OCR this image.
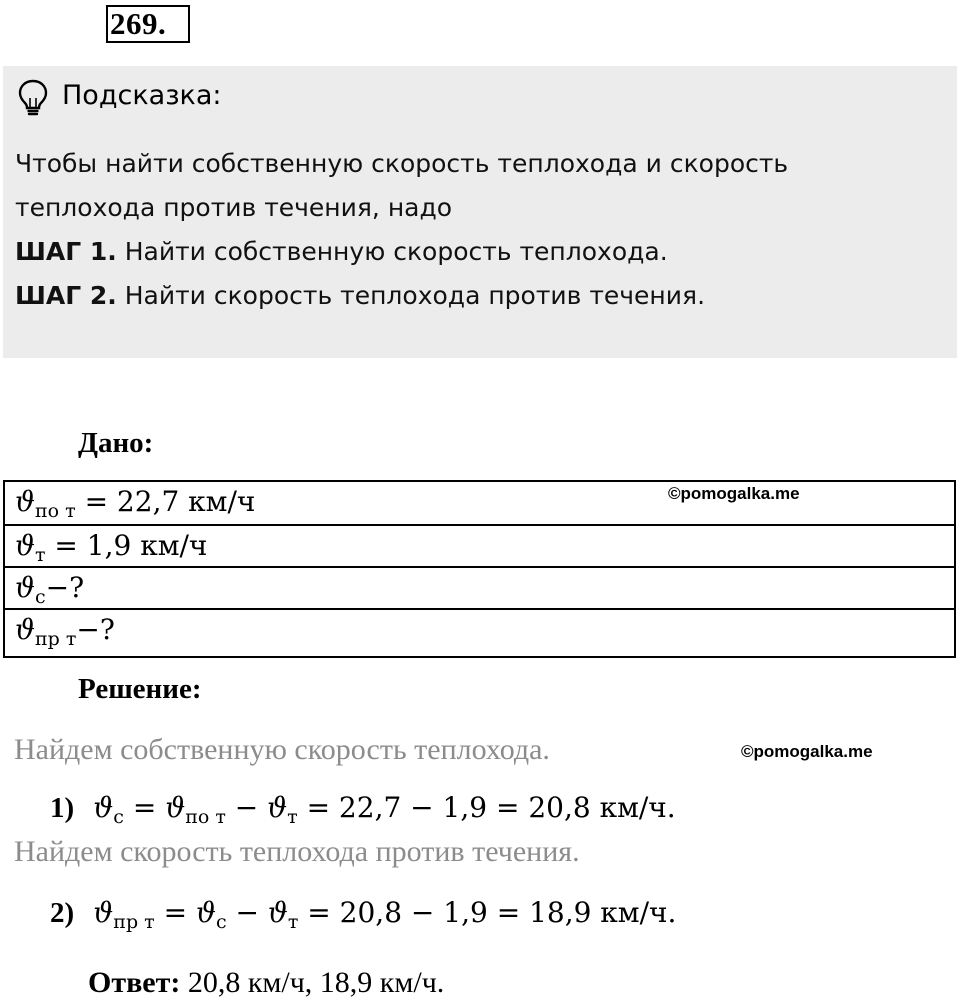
269.
Подсказка:
Чтобы найти собственную скорость теплохода и скорость
теплохода против течения, надо
ШАГ 1. Найти собственную скорость теплохода.
ШАГ 2. Найти скорость теплохода против течения.
Дано:
$ϑ_{по т} = 22,7$ км/ч
$ϑ_т = 1,9$ км/ч
$ϑ_с-$?
$ϑ_{пр т}-$?
©pomogalka.me
Решение:
Найдем собственную скорость теплохода.	©pomogalka.me
1) $ϑ_с = ϑ_{по т} - ϑ_т = 22,7 - 1,9 = 20,8$ км/ч.
Найдем скорость теплохода против течения.
2) $ϑ_{пр т} = ϑ_с - ϑ_т = 20,8 - 1,9 = 18,9$ км/ч.
Ответ: 20,8 км/ч, 18,9 км/ч.
